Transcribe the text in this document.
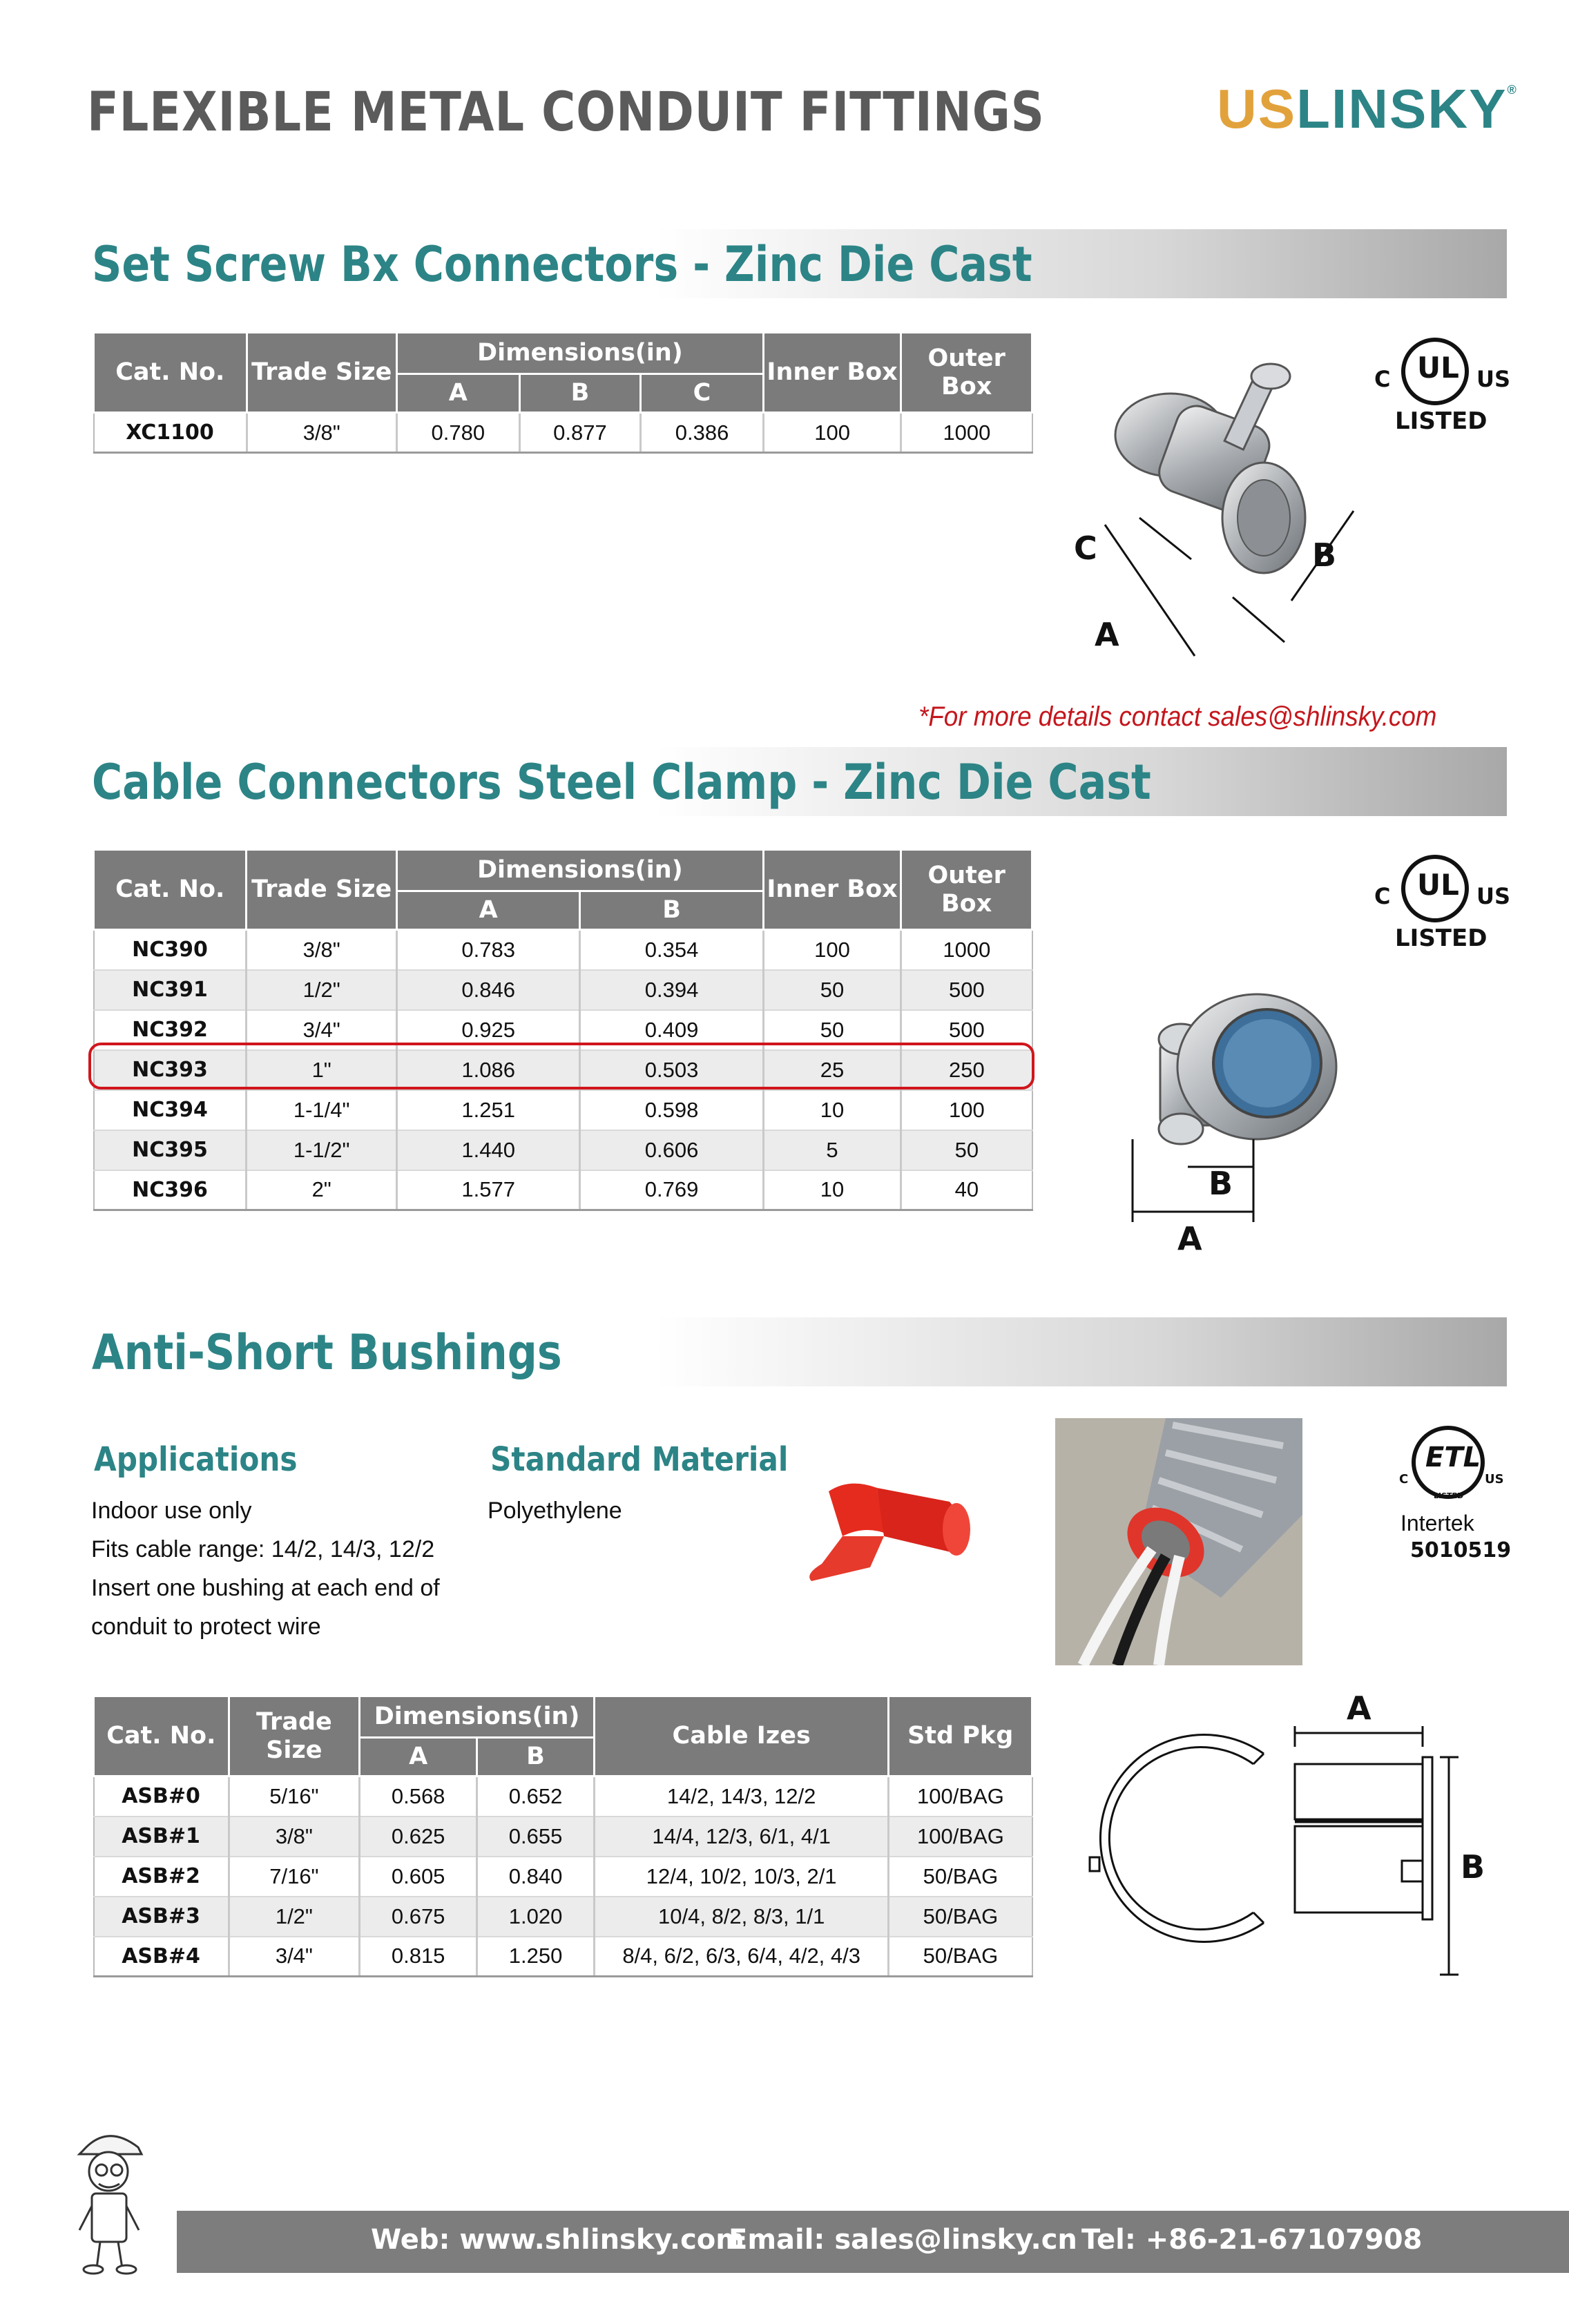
FLEXIBLE METAL CONDUIT FITTINGS	USLINSKY®
Set Screw Bx Connectors - Zinc Die Cast
Cat. No.	Trade Size	Dimensions(in)			Inner Box	Outer Box
		A	B	C		
XC1100	3/8"	0.780	0.877	0.386	100	1000
UL
C	US
LISTED
C	B
A
*For more details contact sales@shlinsky.com
Cable Connectors Steel Clamp - Zinc Die Cast
Cat. No.	Trade Size	Dimensions(in)		Inner Box	Outer Box
		A	B		
NC390	3/8"	0.783	0.354	100	1000
NC391	1/2"	0.846	0.394	50	500
NC392	3/4"	0.925	0.409	50	500
NC393	1"	1.086	0.503	25	250
NC394	1-1/4"	1.251	0.598	10	100
NC395	1-1/2"	1.440	0.606	5	50
NC396	2"	1.577	0.769	10	40
UL
C	US
LISTED
B
A
Anti-Short Bushings
Applications
Indoor use only
Fits cable range: 14/2, 14/3, 12/2
Insert one bushing at each end of
conduit to protect wire
Standard Material
Polyethylene
ETL
C	US
LISTED
Intertek
5010519
Cat. No.	Trade Size	Dimensions(in)		Cable Izes	Std Pkg
		A	B		
ASB#0	5/16"	0.568	0.652	14/2, 14/3, 12/2	100/BAG
ASB#1	3/8"	0.625	0.655	14/4, 12/3, 6/1, 4/1	100/BAG
ASB#2	7/16"	0.605	0.840	12/4, 10/2, 10/3, 2/1	50/BAG
ASB#3	1/2"	0.675	1.020	10/4, 8/2, 8/3, 1/1	50/BAG
ASB#4	3/4"	0.815	1.250	8/4, 6/2, 6/3, 6/4, 4/2, 4/3	50/BAG
A
B
Web: www.shlinsky.com
Email: sales@linsky.cn Tel: +86-21-67107908
